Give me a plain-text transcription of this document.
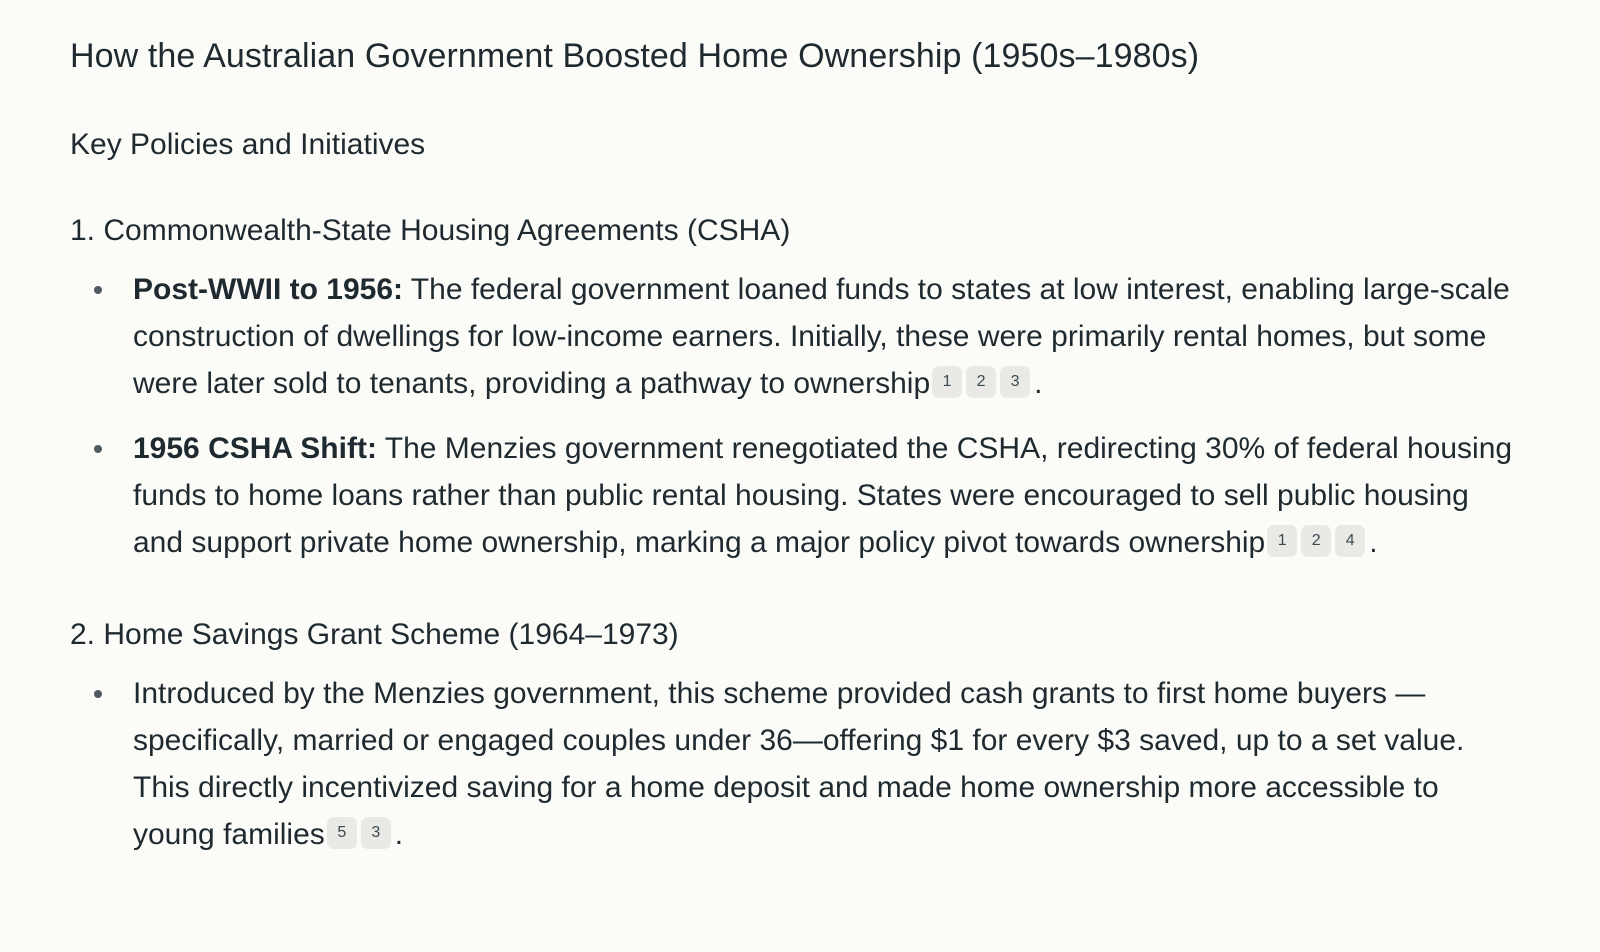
How the Australian Government Boosted Home Ownership (1950s–1980s)
Key Policies and Initiatives
1. Commonwealth-State Housing Agreements (CSHA)
Post-WWII to 1956: The federal government loaned funds to states at low interest, enabling large-scale construction of dwellings for low-income earners. Initially, these were primarily rental homes, but some were later sold to tenants, providing a pathway to ownership 1 2 3 .
1956 CSHA Shift: The Menzies government renegotiated the CSHA, redirecting 30% of federal housing funds to home loans rather than public rental housing. States were encouraged to sell public housing and support private home ownership, marking a major policy pivot towards ownership 1 2 4 .
2. Home Savings Grant Scheme (1964–1973)
Introduced by the Menzies government, this scheme provided cash grants to first home buyers —specifically, married or engaged couples under 36—offering $1 for every $3 saved, up to a set value. This directly incentivized saving for a home deposit and made home ownership more accessible to young families 5 3 .
